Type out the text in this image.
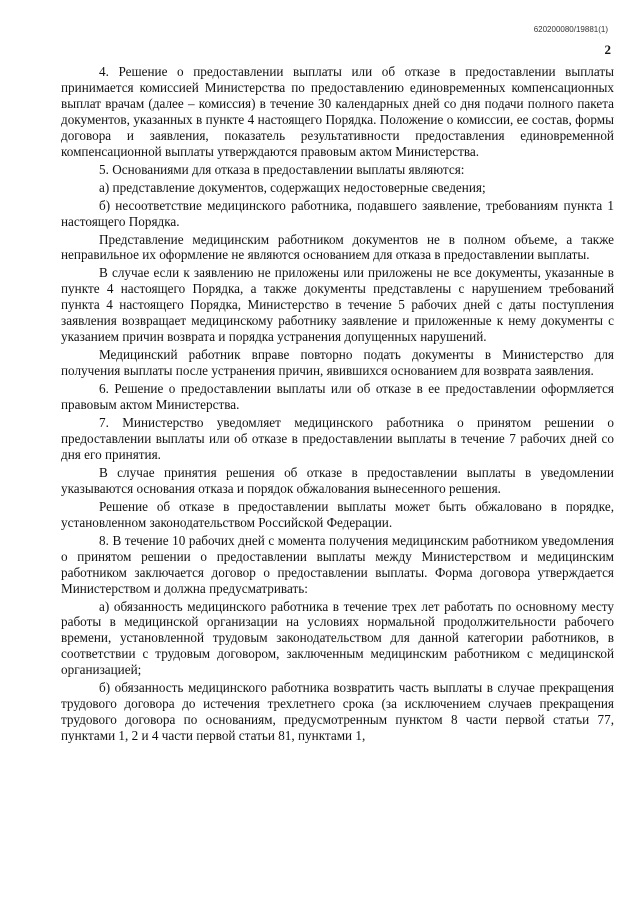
620200080/19881(1)
2

4. Решение о предоставлении выплаты или об отказе в предоставлении выплаты принимается комиссией Министерства по предоставлению единовременных компенсационных выплат врачам (далее – комиссия) в течение 30 календарных дней со дня подачи полного пакета документов, указанных в пункте 4 настоящего Порядка. Положение о комиссии, ее состав, формы договора и заявления, показатель результативности предоставления единовременной компенсационной выплаты утверждаются правовым актом Министерства.

5. Основаниями для отказа в предоставлении выплаты являются:

а) представление документов, содержащих недостоверные сведения;

б) несоответствие медицинского работника, подавшего заявление, требованиям пункта 1 настоящего Порядка.

Представление медицинским работником документов не в полном объеме, а также неправильное их оформление не являются основанием для отказа в предоставлении выплаты.

В случае если к заявлению не приложены или приложены не все документы, указанные в пункте 4 настоящего Порядка, а также документы представлены с нарушением требований пункта 4 настоящего Порядка, Министерство в течение 5 рабочих дней с даты поступления заявления возвращает медицинскому работнику заявление и приложенные к нему документы с указанием причин возврата и порядка устранения допущенных нарушений.

Медицинский работник вправе повторно подать документы в Министерство для получения выплаты после устранения причин, явившихся основанием для возврата заявления.

6. Решение о предоставлении выплаты или об отказе в ее предоставлении оформляется правовым актом Министерства.

7. Министерство уведомляет медицинского работника о принятом решении о предоставлении выплаты или об отказе в предоставлении выплаты в течение 7 рабочих дней со дня его принятия.

В случае принятия решения об отказе в предоставлении выплаты в уведомлении указываются основания отказа и порядок обжалования вынесенного решения.

Решение об отказе в предоставлении выплаты может быть обжаловано в порядке, установленном законодательством Российской Федерации.

8. В течение 10 рабочих дней с момента получения медицинским работником уведомления о принятом решении о предоставлении выплаты между Министерством и медицинским работником заключается договор о предоставлении выплаты. Форма договора утверждается Министерством и должна предусматривать:

а) обязанность медицинского работника в течение трех лет работать по основному месту работы в медицинской организации на условиях нормальной продолжительности рабочего времени, установленной трудовым законодательством для данной категории работников, в соответствии с трудовым договором, заключенным медицинским работником с медицинской организацией;

б) обязанность медицинского работника возвратить часть выплаты в случае прекращения трудового договора до истечения трехлетнего срока (за исключением случаев прекращения трудового договора по основаниям, предусмотренным пунктом 8 части первой статьи 77, пунктами 1, 2 и 4 части первой статьи 81, пунктами 1,
